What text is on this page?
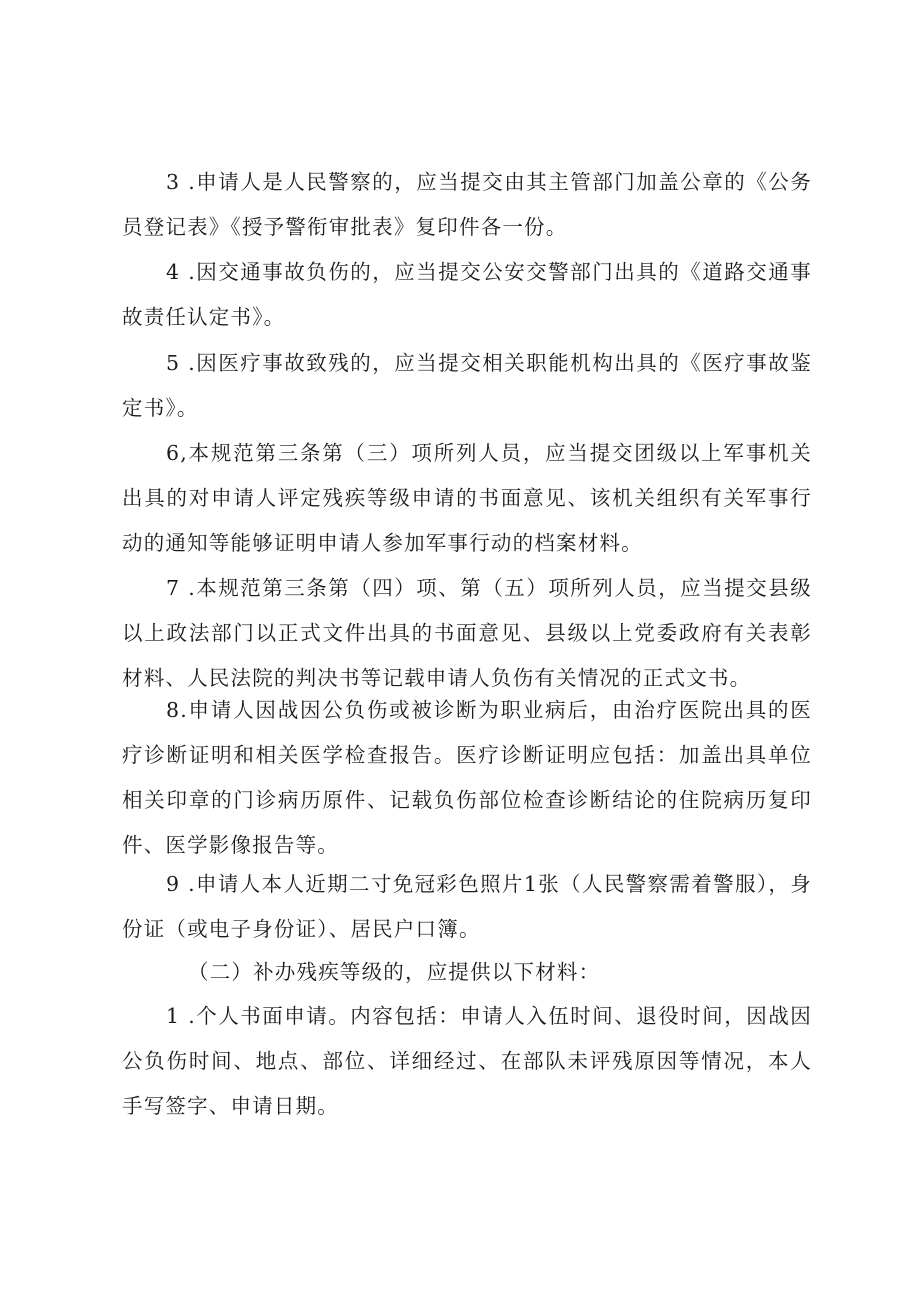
3 .申请人是人民警察的，应当提交由其主管部门加盖公章的《公务员登记表》《授予警衔审批表》复印件各一份。

4 .因交通事故负伤的，应当提交公安交警部门出具的《道路交通事故责任认定书》。

5 .因医疗事故致残的，应当提交相关职能机构出具的《医疗事故鉴定书》。

6,本规范第三条第（三）项所列人员，应当提交团级以上军事机关出具的对申请人评定残疾等级申请的书面意见、该机关组织有关军事行动的通知等能够证明申请人参加军事行动的档案材料。

7 .本规范第三条第（四）项、第（五）项所列人员，应当提交县级以上政法部门以正式文件出具的书面意见、县级以上党委政府有关表彰材料、人民法院的判决书等记载申请人负伤有关情况的正式文书。

8.申请人因战因公负伤或被诊断为职业病后，由治疗医院出具的医疗诊断证明和相关医学检查报告。医疗诊断证明应包括：加盖出具单位相关印章的门诊病历原件、记载负伤部位检查诊断结论的住院病历复印件、医学影像报告等。

9 .申请人本人近期二寸免冠彩色照片1张（人民警察需着警服），身份证（或电子身份证）、居民户口簿。

（二）补办残疾等级的，应提供以下材料：

1 .个人书面申请。内容包括：申请人入伍时间、退役时间，因战因公负伤时间、地点、部位、详细经过、在部队未评残原因等情况，本人手写签字、申请日期。
